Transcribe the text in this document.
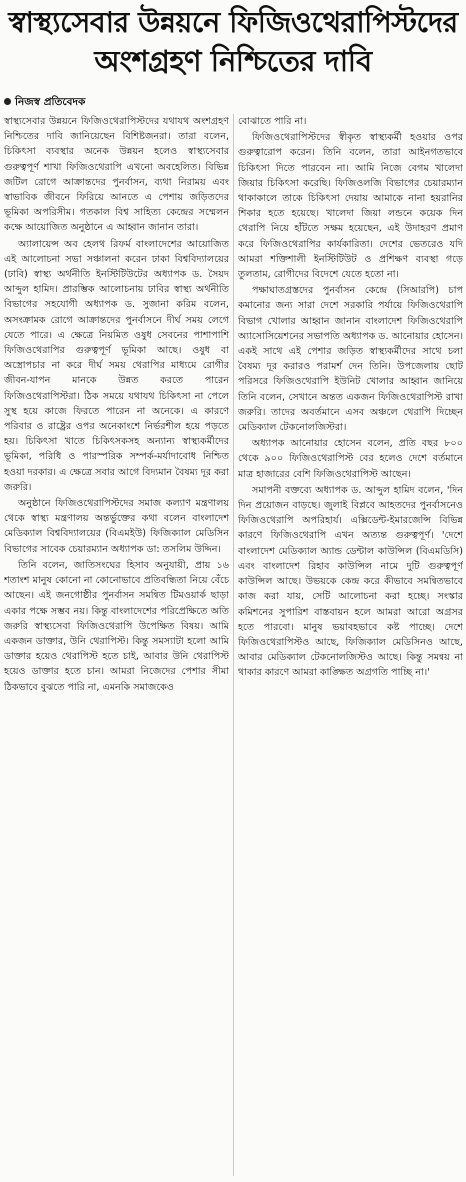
স্বাস্থ্যসেবার উন্নয়নে ফিজিওথেরাপিস্টদের
অংশগ্রহণ নিশ্চিতের দাবি
নিজস্ব প্রতিবেদক

স্বাস্থ্যসেবার উন্নয়নে ফিজিওথেরাপিস্টদের যথাযথ অংশগ্রহণ নিশ্চিতের দাবি জানিয়েছেন বিশিষ্টজনরা। তারা বলেন, চিকিৎসা ব্যবস্থার অনেক উন্নয়ন হলেও স্বাস্থ্যসেবার গুরুত্বপূর্ণ শাখা ফিজিওথেরাপি এখনো অবহেলিত। বিভিন্ন জটিল রোগে আক্রান্তদের পুনর্বাসন, ব্যথা নিরাময় এবং স্বাভাবিক জীবনে ফিরিয়ে আনতে এ পেশায় জড়িতদের ভূমিকা অপরিসীম। গতকাল বিশ্ব সাহিত্য কেন্দ্রের সম্মেলন কক্ষে আয়োজিত অনুষ্ঠানে এ আহ্বান জানান তারা।

অ্যালায়েন্স অব হেলথ রিফর্ম বাংলাদেশের আয়োজিত এই আলোচনা সভা সঞ্চালনা করেন ঢাকা বিশ্ববিদ্যালয়ের (ঢাবি) স্বাস্থ্য অর্থনীতি ইনস্টিটিউটের অধ্যাপক ড. সৈয়দ আব্দুল হামিদ। প্রারম্ভিক আলোচনায় ঢাবির স্বাস্থ্য অর্থনীতি বিভাগের সহযোগী অধ্যাপক ড. সুজানা করিম বলেন, অসংক্রামক রোগে আক্রান্তদের পুনর্বাসনে দীর্ঘ সময় লেগে যেতে পারে। এ ক্ষেত্রে নিয়মিত ওষুধ সেবনের পাশাপাশি ফিজিওথেরাপির গুরুত্বপূর্ণ ভূমিকা আছে। ওষুধ বা অস্ত্রোপচার না করে দীর্ঘ সময় থেরাপির মাধ্যমে রোগীর জীবন-যাপন মানকে উন্নত করতে পারেন ফিজিওথেরাপিস্টরা। ঠিক সময়ে যথাযথ চিকিৎসা না পেলে সুস্থ হয়ে কাজে ফিরতে পারেন না অনেকে। এ কারণে পরিবার ও রাষ্ট্রের ওপর অনেকাংশে নির্ভরশীল হয়ে পড়তে হয়। চিকিৎসা খাতে চিকিৎসকসহ অন্যান্য স্বাস্থ্যকর্মীদের ভূমিকা, পরিধি ও পারস্পরিক সম্পর্ক-মর্যাদাবোধ নিশ্চিত হওয়া দরকার। এ ক্ষেত্রে সবার আগে বিদ্যমান বৈষম্য দূর করা জরুরি।

অনুষ্ঠানে ফিজিওথেরাপিস্টদের সমাজ কল্যাণ মন্ত্রণালয় থেকে স্বাস্থ্য মন্ত্রণালয় অন্তর্ভুক্তের কথা বলেন বাংলাদেশ মেডিক্যাল বিশ্ববিদ্যালয়ের (বিএমইউ) ফিজিক্যাল মেডিসিন বিভাগের সাবেক চেয়ারম্যান অধ্যাপক ডা: তসলিম উদ্দিন।

তিনি বলেন, জাতিসংঘের হিসাব অনুযায়ী, প্রায় ১৬ শতাংশ মানুষ কোনো না কোনোভাবে প্রতিবন্ধিতা নিয়ে বেঁচে আছেন। এই জনগোষ্ঠীর পুনর্বাসন সমন্বিত টিমওয়ার্ক ছাড়া একার পক্ষে সম্ভব নয়। কিন্তু বাংলাদেশের পরিপ্রেক্ষিতে অতি জরুরি স্বাস্থ্যসেবা ফিজিওথেরাপি উপেক্ষিত বিষয়। আমি একজন ডাক্তার, উনি থেরাপিস্ট। কিন্তু সমস্যাটা হলো আমি ডাক্তার হয়েও থেরাপিস্ট হতে চাই, আবার উনি থেরাপিস্ট হয়েও ডাক্তার হতে চান। আমরা নিজেদের পেশার সীমা ঠিকভাবে বুঝতে পারি না, এমনকি সমাজকেও

বোঝাতে পারি না।

ফিজিওথেরাপিস্টদের স্বীকৃত স্বাস্থ্যকর্মী হওয়ার ওপর গুরুত্বারোপ করেন। তিনি বলেন, তারা আইনগতভাবে চিকিৎসা দিতে পারবেন না। আমি নিজে বেগম খালেদা জিয়ার চিকিৎসা করেছি। ফিজিওলজি বিভাগের চেয়ারম্যান থাকাকালে তাকে চিকিৎসা দেয়ায় আমাকে নানা হয়রানির শিকার হতে হয়েছে। খালেদা জিয়া লন্ডনে কয়েক দিন থেরাপি নিয়ে হাঁটতে সক্ষম হয়েছেন, এই উদাহরণ প্রমাণ করে ফিজিওথেরাপির কার্যকারিতা। দেশের ভেতরেও যদি আমরা শক্তিশালী ইনস্টিটিউট ও প্রশিক্ষণ ব্যবস্থা গড়ে তুলতাম, রোগীদের বিদেশে যেতে হতো না।

পক্ষাঘাতগ্রস্তদের পুনর্বাসন কেন্দ্রে (সিআরপি) চাপ কমানোর জন্য সারা দেশে সরকারি পর্যায়ে ফিজিওথেরাপি বিভাগ খোলার আহ্বান জানান বাংলাদেশ ফিজিওথেরাপি অ্যাসোসিয়েশনের সভাপতি অধ্যাপক ড. আনোয়ার হোসেন। একই সাথে এই পেশার জড়িত স্বাস্থ্যকর্মীদের সাথে চলা বৈষম্য দূর করারও পরামর্শ দেন তিনি। উপজেলায় ছোট পরিসরে ফিজিওথেরাপি ইউনিট খোলার আহ্বান জানিয়ে তিনি বলেন, সেখানে অন্তত একজন ফিজিওথেরাপিস্ট রাখা জরুরি। তাদের অবর্তমানে এসব অঞ্চলে থেরাপি দিচ্ছেন মেডিক্যাল টেকনোলজিস্টরা।

অধ্যাপক আনোয়ার হোসেন বলেন, প্রতি বছর ৮০০ থেকে ৯০০ ফিজিওথেরাপিস্ট বের হলেও দেশে বর্তমানে মাত্র হাজারের বেশি ফিজিওথেরাপিস্ট আছেন।

সমাপনী বক্তব্যে অধ্যাপক ড. আব্দুল হামিদ বলেন, 'দিন দিন প্রয়োজন বাড়ছে। জুলাই বিপ্লবে আহতদের পুনর্বাসনেও ফিজিওথেরাপি অপরিহার্য। এক্সিডেন্ট-ইমারজেন্সি বিভিন্ন কারণে ফিজিওথেরাপি এখন অত্যন্ত গুরুত্বপূর্ণ। 'দেশে বাংলাদেশ মেডিক্যাল অ্যান্ড ডেন্টাল কাউন্সিল (বিএমডিসি) এবং বাংলাদেশ রিহাব কাউন্সিল নামে দুটি গুরুত্বপূর্ণ কাউন্সিল আছে। উভয়কে কেন্দ্র করে কীভাবে সমন্বিতভাবে কাজ করা যায়, সেটি আলোচনা করা হচ্ছে। সংস্কার কমিশনের সুপারিশ বাস্তবায়ন হলে আমরা আরো অগ্রসর হতে পারবো। মানুষ ভয়াবহভাবে কষ্ট পাচ্ছে। দেশে ফিজিওথেরাপিস্টও আছে, ফিজিক্যাল মেডিসিনও আছে, আবার মেডিক্যাল টেকনোলজিস্টও আছে। কিন্তু সমন্বয় না থাকার কারণে আমরা কাঙ্ক্ষিত অগ্রগতি পাচ্ছি না।'
